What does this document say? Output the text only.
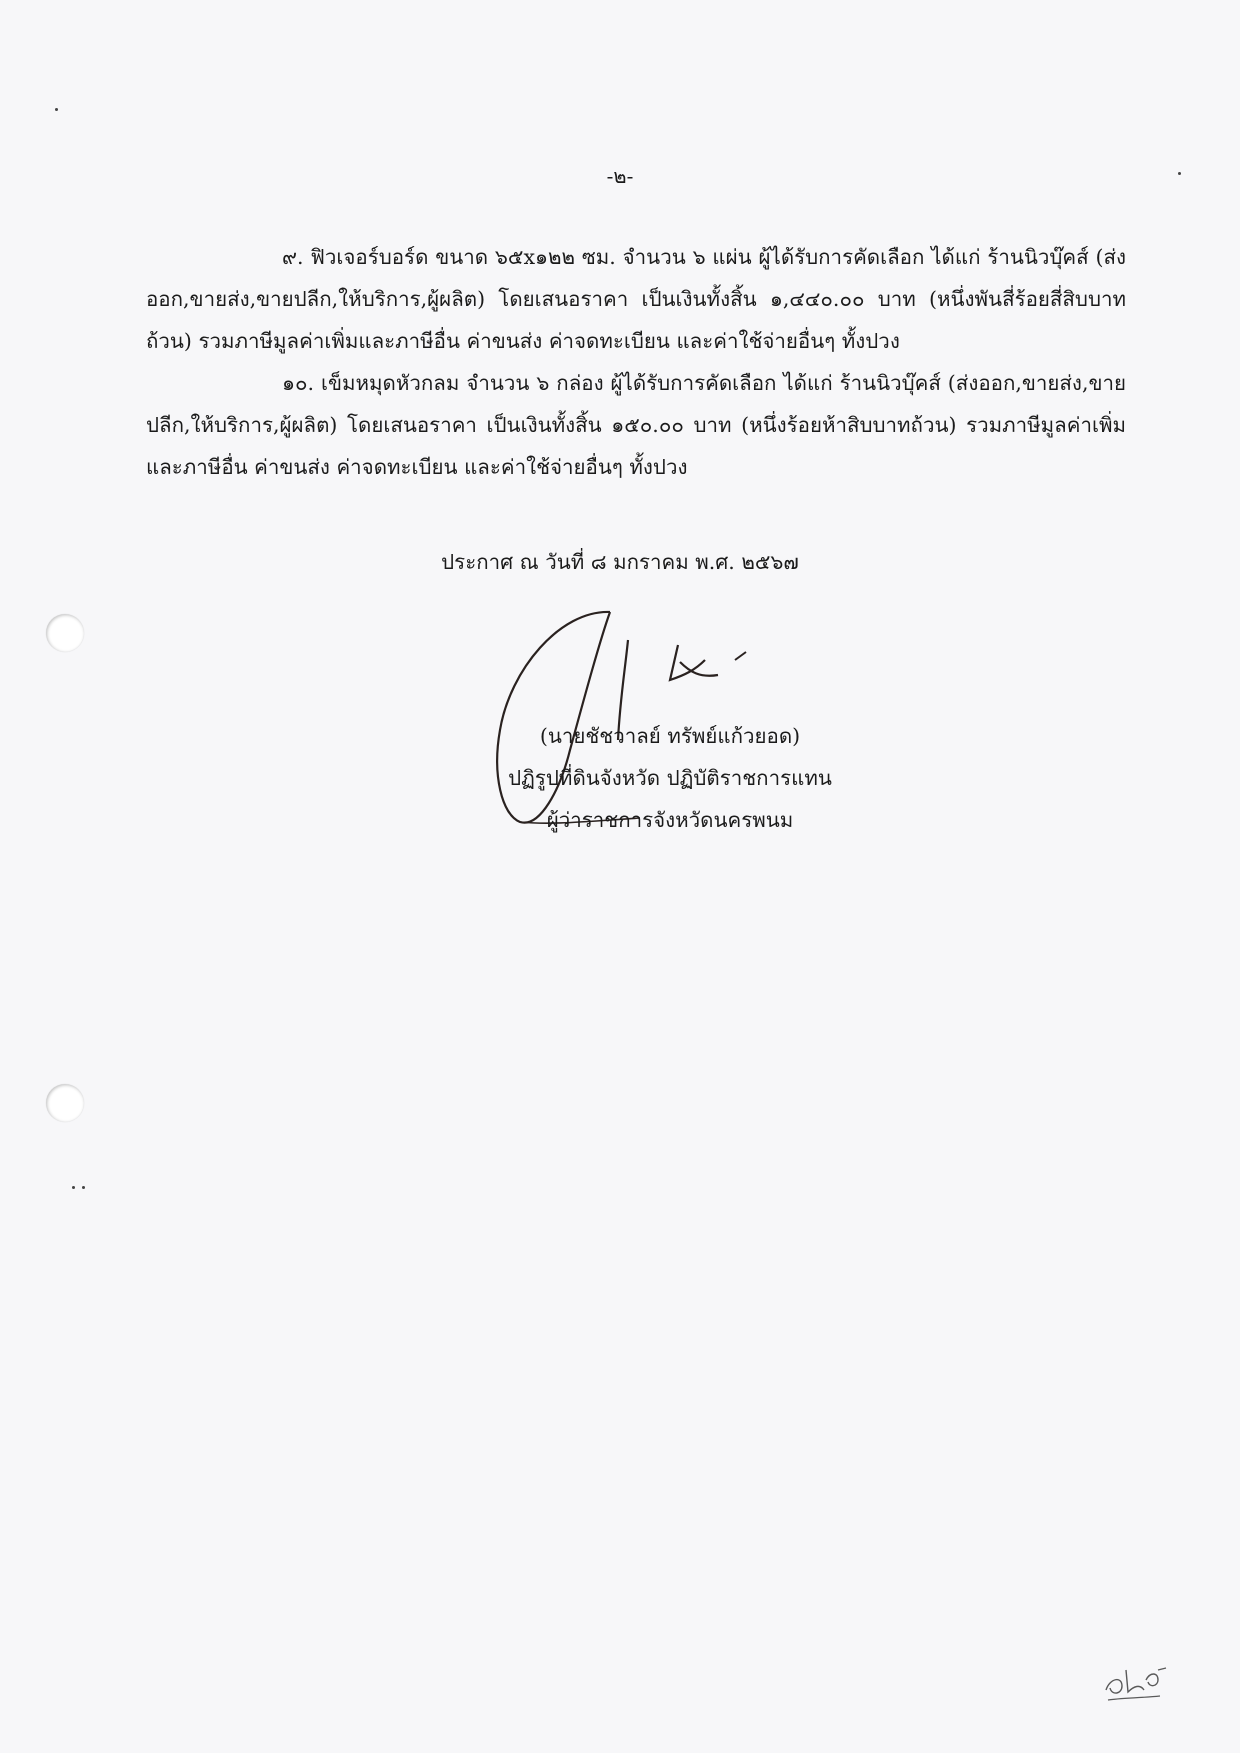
-๒-

๙. ฟิวเจอร์บอร์ด ขนาด ๖๕x๑๒๒ ซม. จำนวน ๖ แผ่น ผู้ได้รับการคัดเลือก ได้แก่ ร้านนิวบุ๊คส์ (ส่งออก,ขายส่ง,ขายปลีก,ให้บริการ,ผู้ผลิต) โดยเสนอราคา เป็นเงินทั้งสิ้น ๑,๔๔๐.๐๐ บาท (หนึ่งพันสี่ร้อยสี่สิบบาทถ้วน) รวมภาษีมูลค่าเพิ่มและภาษีอื่น ค่าขนส่ง ค่าจดทะเบียน และค่าใช้จ่ายอื่นๆ ทั้งปวง

๑๐. เข็มหมุดหัวกลม จำนวน ๖ กล่อง ผู้ได้รับการคัดเลือก ได้แก่ ร้านนิวบุ๊คส์ (ส่งออก,ขายส่ง,ขายปลีก,ให้บริการ,ผู้ผลิต) โดยเสนอราคา เป็นเงินทั้งสิ้น ๑๕๐.๐๐ บาท (หนึ่งร้อยห้าสิบบาทถ้วน) รวมภาษีมูลค่าเพิ่มและภาษีอื่น ค่าขนส่ง ค่าจดทะเบียน และค่าใช้จ่ายอื่นๆ ทั้งปวง

ประกาศ ณ วันที่ ๘ มกราคม พ.ศ. ๒๕๖๗
(นายชัชวาลย์ ทรัพย์แก้วยอด)
ปฏิรูปที่ดินจังหวัด ปฏิบัติราชการแทน
ผู้ว่าราชการจังหวัดนครพนม
